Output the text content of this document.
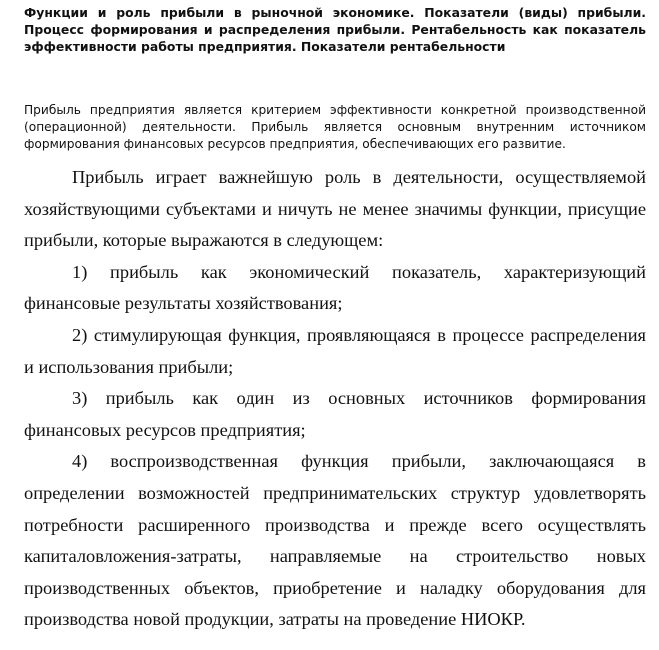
Функции и роль прибыли в рыночной экономике. Показатели (виды) прибыли. Процесс формирования и распределения прибыли. Рентабельность как показатель эффективности работы предприятия. Показатели рентабельности

Прибыль предприятия является критерием эффективности конкретной производственной (операционной) деятельности. Прибыль является основным внутренним источником формирования финансовых ресурсов предприятия, обеспечивающих его развитие.

Прибыль играет важнейшую роль в деятельности, осуществляемой хозяйствующими субъектами и ничуть не менее значимы функции, присущие прибыли, которые выражаются в следующем:

1) прибыль как экономический показатель, характеризующий финансовые результаты хозяйствования;

2) стимулирующая функция, проявляющаяся в процессе распределения и использования прибыли;

3) прибыль как один из основных источников формирования финансовых ресурсов предприятия;

4) воспроизводственная функция прибыли, заключающаяся в определении возможностей предпринимательских структур удовлетворять потребности расширенного производства и прежде всего осуществлять капиталовложения-затраты, направляемые на строительство новых производственных объектов, приобретение и наладку оборудования для производства новой продукции, затраты на проведение НИОКР.
